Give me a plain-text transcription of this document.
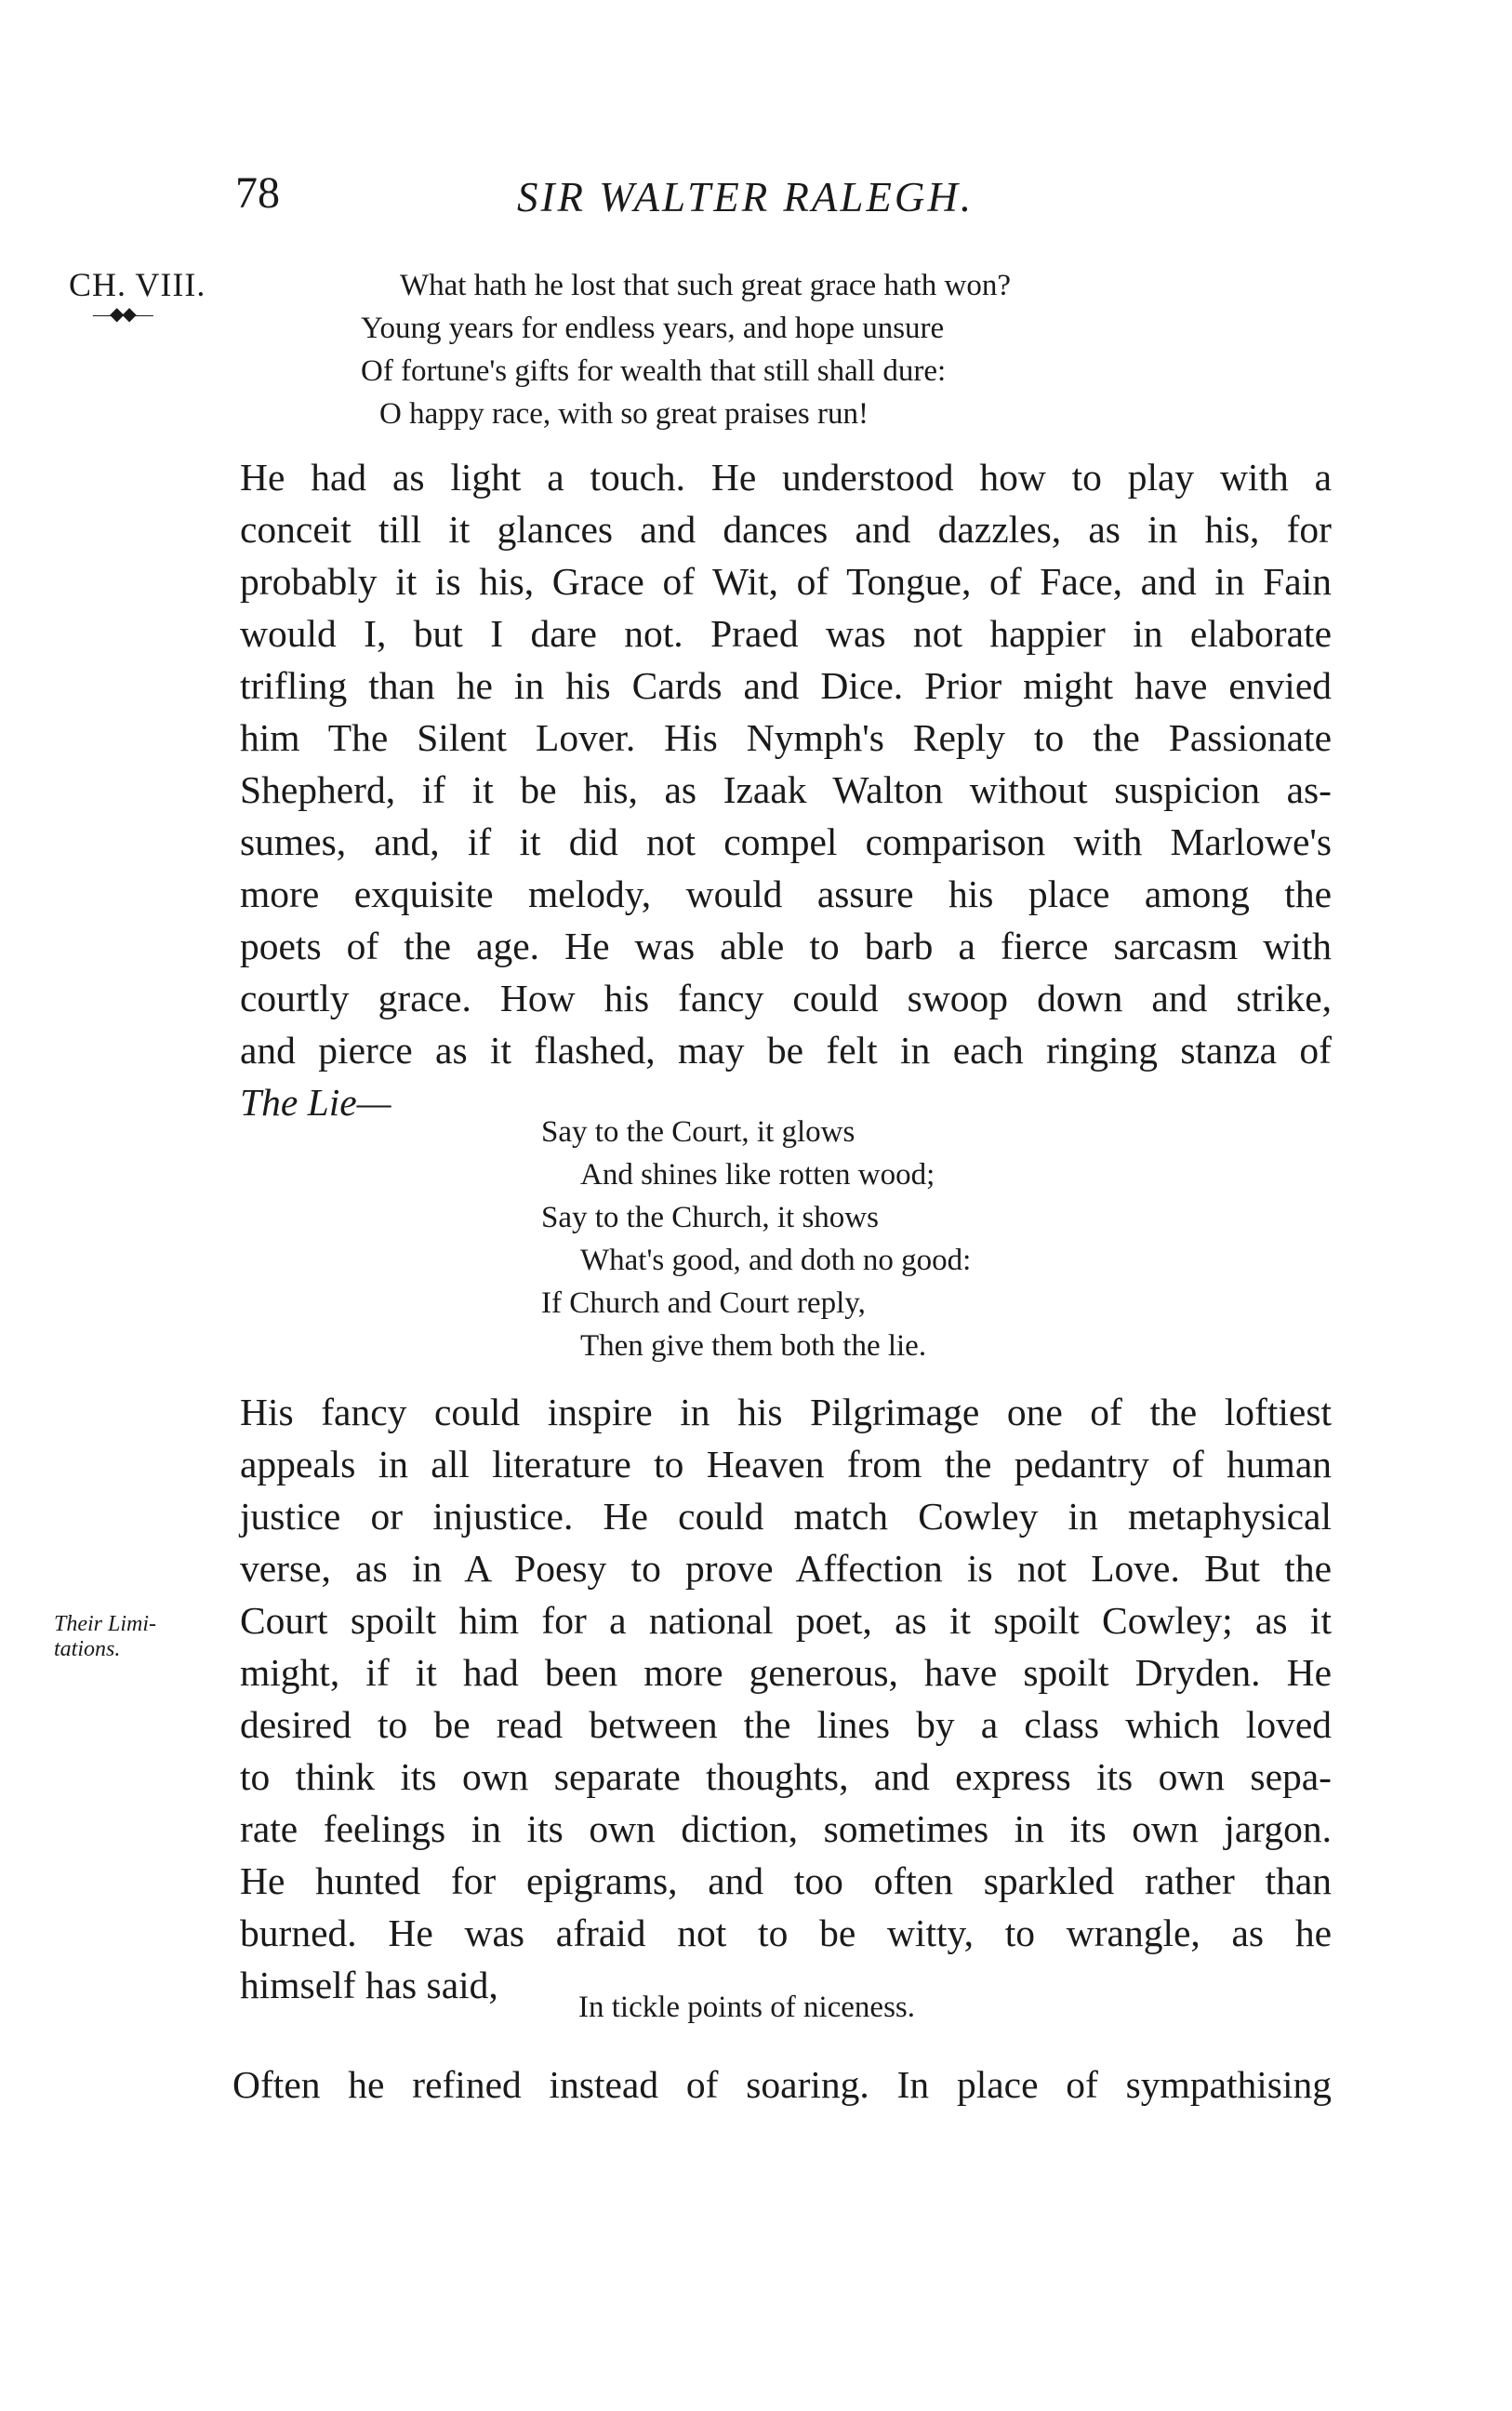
78	SIR WALTER RALEGH.
CH. VIII.
—◆◆—
What hath he lost that such great grace hath won?
Young years for endless years, and hope unsure
Of fortune's gifts for wealth that still shall dure:
O happy race, with so great praises run!
He had as light a touch. He understood how to play with a
conceit till it glances and dances and dazzles, as in his, for
probably it is his, Grace of Wit, of Tongue, of Face, and in Fain
would I, but I dare not. Praed was not happier in elaborate
trifling than he in his Cards and Dice. Prior might have envied
him The Silent Lover. His Nymph's Reply to the Passionate
Shepherd, if it be his, as Izaak Walton without suspicion as-
sumes, and, if it did not compel comparison with Marlowe's
more exquisite melody, would assure his place among the
poets of the age. He was able to barb a fierce sarcasm with
courtly grace. How his fancy could swoop down and strike,
and pierce as it flashed, may be felt in each ringing stanza of
The Lie—
Say to the Court, it glows
And shines like rotten wood;
Say to the Church, it shows
What's good, and doth no good:
If Church and Court reply,
Then give them both the lie.
Their Limi-
tations.
His fancy could inspire in his Pilgrimage one of the loftiest
appeals in all literature to Heaven from the pedantry of human
justice or injustice. He could match Cowley in metaphysical
verse, as in A Poesy to prove Affection is not Love. But the
Court spoilt him for a national poet, as it spoilt Cowley; as it
might, if it had been more generous, have spoilt Dryden. He
desired to be read between the lines by a class which loved
to think its own separate thoughts, and express its own sepa-
rate feelings in its own diction, sometimes in its own jargon.
He hunted for epigrams, and too often sparkled rather than
burned. He was afraid not to be witty, to wrangle, as he
himself has said,
In tickle points of niceness.
Often he refined instead of soaring. In place of sympathising
